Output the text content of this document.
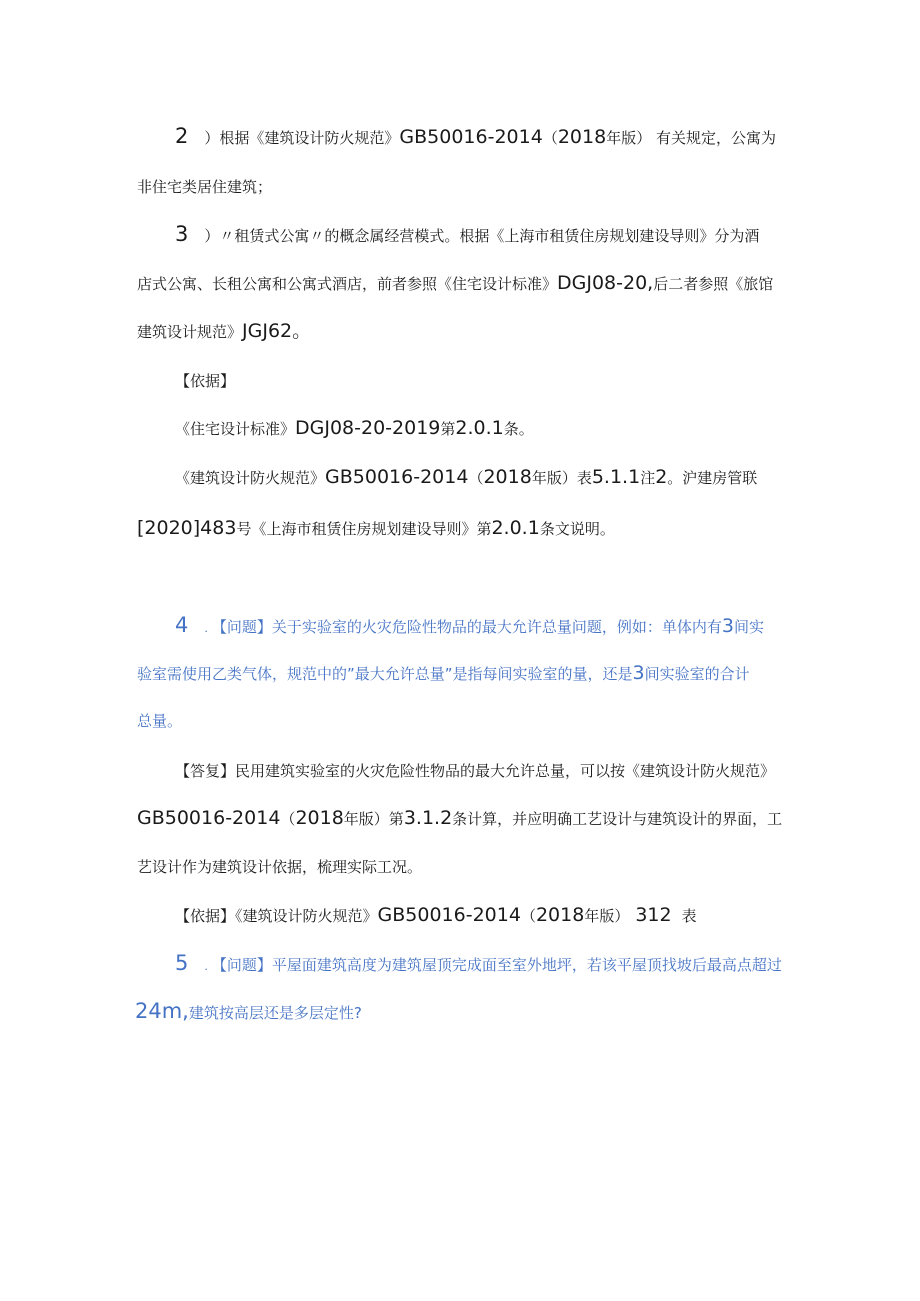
2 ）根据《建筑设计防火规范》GB50016-2014（2018年版） 有关规定，公寓为
非住宅类居住建筑；
3 ）〃租赁式公寓〃的概念属经营模式。根据《上海市租赁住房规划建设导则》分为酒
店式公寓、长租公寓和公寓式酒店，前者参照《住宅设计标准》DGJ08-20,后二者参照《旅馆
建筑设计规范》JGJ62。
【依据】
《住宅设计标准》DGJ08-20-2019第2.0.1条。
《建筑设计防火规范》GB50016-2014（2018年版）表5.1.1注2。沪建房管联
[2020]483号《上海市租赁住房规划建设导则》第2.0.1条文说明。
4 . 【问题】关于实验室的火灾危险性物品的最大允许总量问题，例如：单体内有3间实
验室需使用乙类气体，规范中的”最大允许总量”是指每间实验室的量，还是3间实验室的合计
总量。
【答复】民用建筑实验室的火灾危险性物品的最大允许总量，可以按《建筑设计防火规范》
GB50016-2014（2018年版）第3.1.2条计算，并应明确工艺设计与建筑设计的界面，工
艺设计作为建筑设计依据，梳理实际工况。
【依据】《建筑设计防火规范》GB50016-2014（2018年版） 312 表
5 . 【问题】平屋面建筑高度为建筑屋顶完成面至室外地坪，若该平屋顶找坡后最高点超过
24m,建筑按高层还是多层定性?
